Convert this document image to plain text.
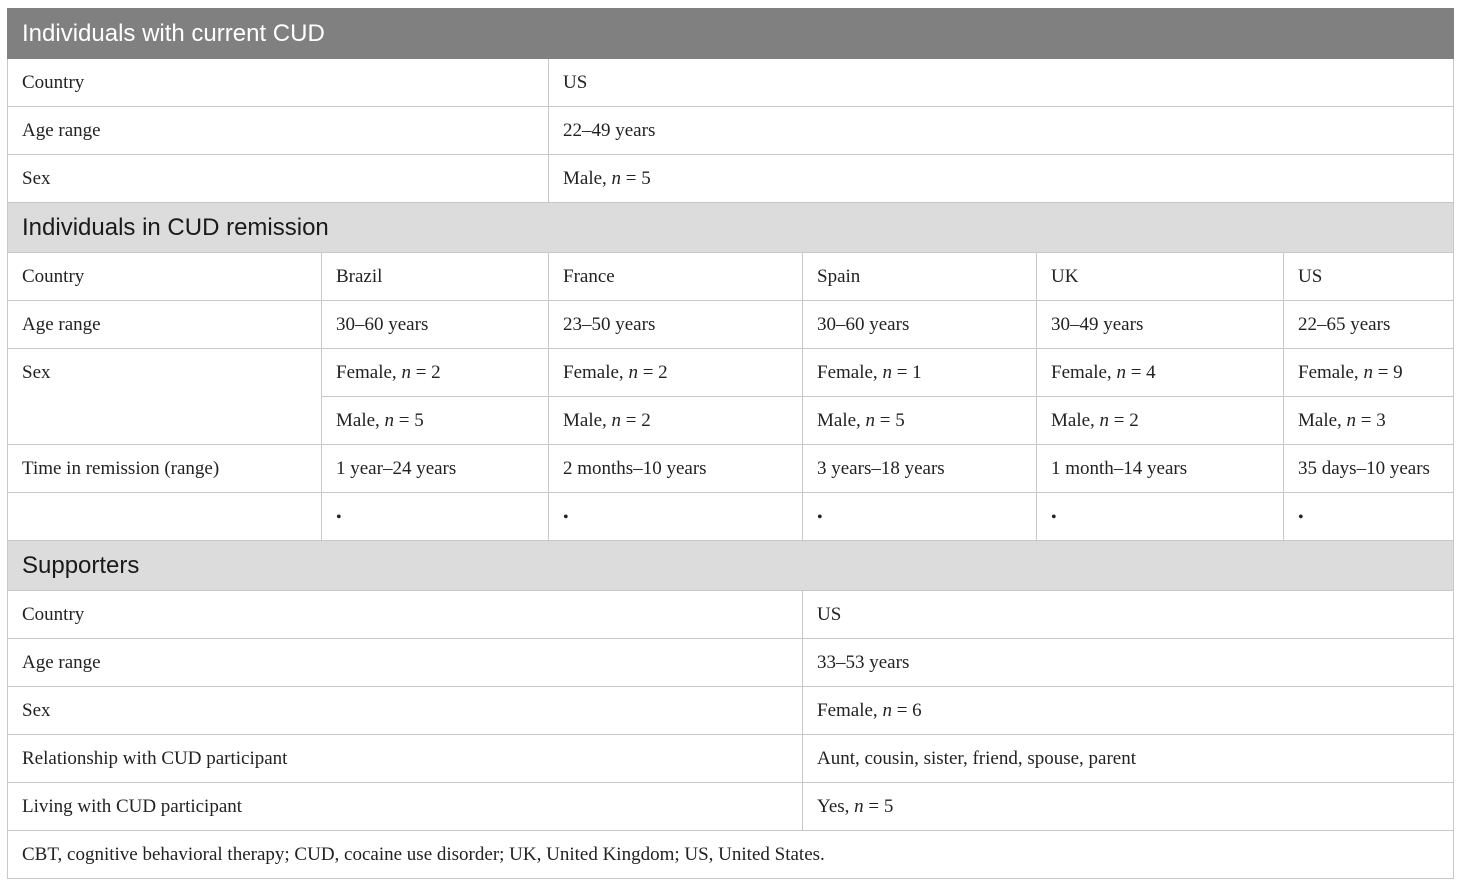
Individuals with current CUD					
Country		US			
Age range		22–49 years			
Sex		Male, n = 5			
Individuals in CUD remission					
Country	Brazil	France	Spain	UK	US
Age range	30–60 years	23–50 years	30–60 years	30–49 years	22–65 years
Sex	Female, n = 2	Female, n = 2	Female, n = 1	Female, n = 4	Female, n = 9
	Male, n = 5	Male, n = 2	Male, n = 5	Male, n = 2	Male, n = 3
Time in remission (range)	1 year–24 years	2 months–10 years	3 years–18 years	1 month–14 years	35 days–10 years
	•	•	•	•	•
Supporters					
Country			US		
Age range			33–53 years		
Sex			Female, n = 6		
Relationship with CUD participant			Aunt, cousin, sister, friend, spouse, parent		
Living with CUD participant			Yes, n = 5		
CBT, cognitive behavioral therapy; CUD, cocaine use disorder; UK, United Kingdom; US, United States.					
